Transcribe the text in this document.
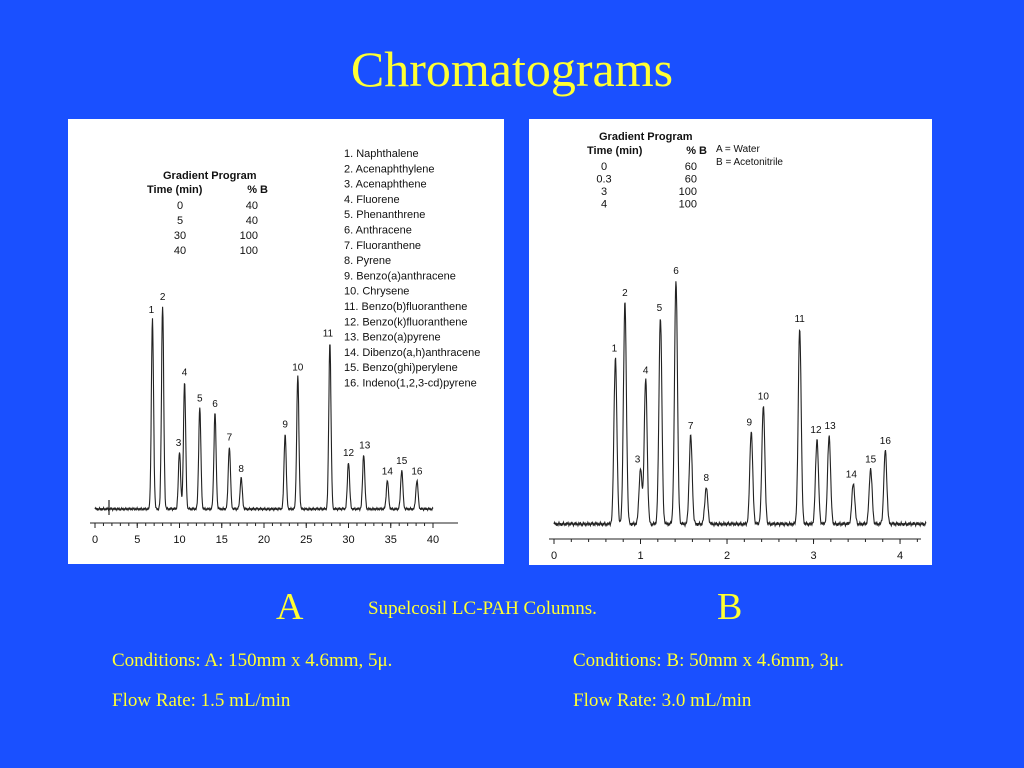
Chromatograms
Gradient Program
Time (min)	% B
0	40
5	40
30	100
40	100
1. Naphthalene
2. Acenaphthylene
3. Acenaphthene
4. Fluorene
5. Phenanthrene
6. Anthracene
7. Fluoranthene
8. Pyrene
9. Benzo(a)anthracene
10. Chrysene
11. Benzo(b)fluoranthene
12. Benzo(k)fluoranthene
13. Benzo(a)pyrene
14. Dibenzo(a,h)anthracene
15. Benzo(ghi)perylene
16. Indeno(1,2,3-cd)pyrene
1
2
3
4
5 6
7
8
9
10
11
12
13
14
15
16
0	5	10	15	20	25	30	35	40
Gradient Program
Time (min)	% B
0	60
0.3	60
3	100
4	100
A = Water
B = Acetonitrile
1
2
3
4
5
6
7
8
9
10
11
12 13
14
15
16
0	1	2	3	4
A	Supelcosil LC-PAH Columns.	B
Conditions: A: 150mm x 4.6mm, 5μ.
Flow Rate: 1.5 mL/min
Conditions: B: 50mm x 4.6mm, 3μ.
Flow Rate: 3.0 mL/min
